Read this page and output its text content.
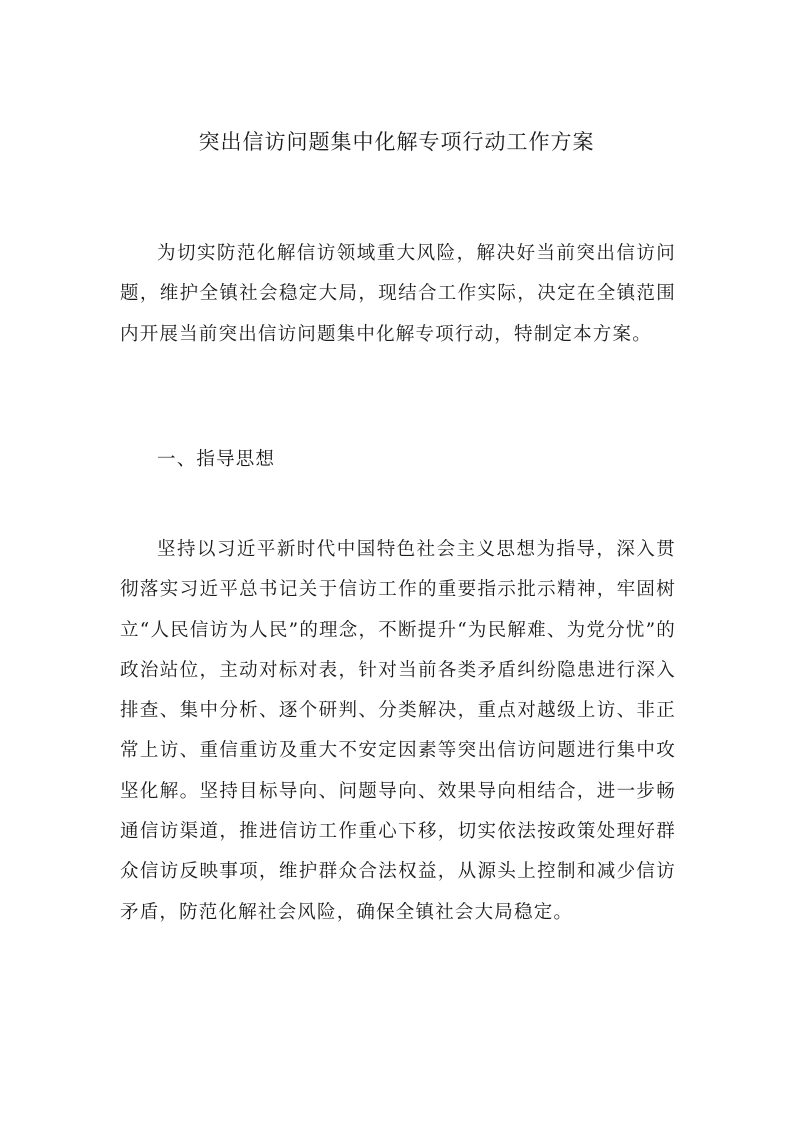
突出信访问题集中化解专项行动工作方案

为切实防范化解信访领域重大风险，解决好当前突出信访问题，维护全镇社会稳定大局，现结合工作实际，决定在全镇范围内开展当前突出信访问题集中化解专项行动，特制定本方案。

一、指导思想

坚持以习近平新时代中国特色社会主义思想为指导，深入贯彻落实习近平总书记关于信访工作的重要指示批示精神，牢固树立“人民信访为人民”的理念，不断提升“为民解难、为党分忧”的政治站位，主动对标对表，针对当前各类矛盾纠纷隐患进行深入排查、集中分析、逐个研判、分类解决，重点对越级上访、非正常上访、重信重访及重大不安定因素等突出信访问题进行集中攻坚化解。坚持目标导向、问题导向、效果导向相结合，进一步畅通信访渠道，推进信访工作重心下移，切实依法按政策处理好群众信访反映事项，维护群众合法权益，从源头上控制和减少信访矛盾，防范化解社会风险，确保全镇社会大局稳定。
